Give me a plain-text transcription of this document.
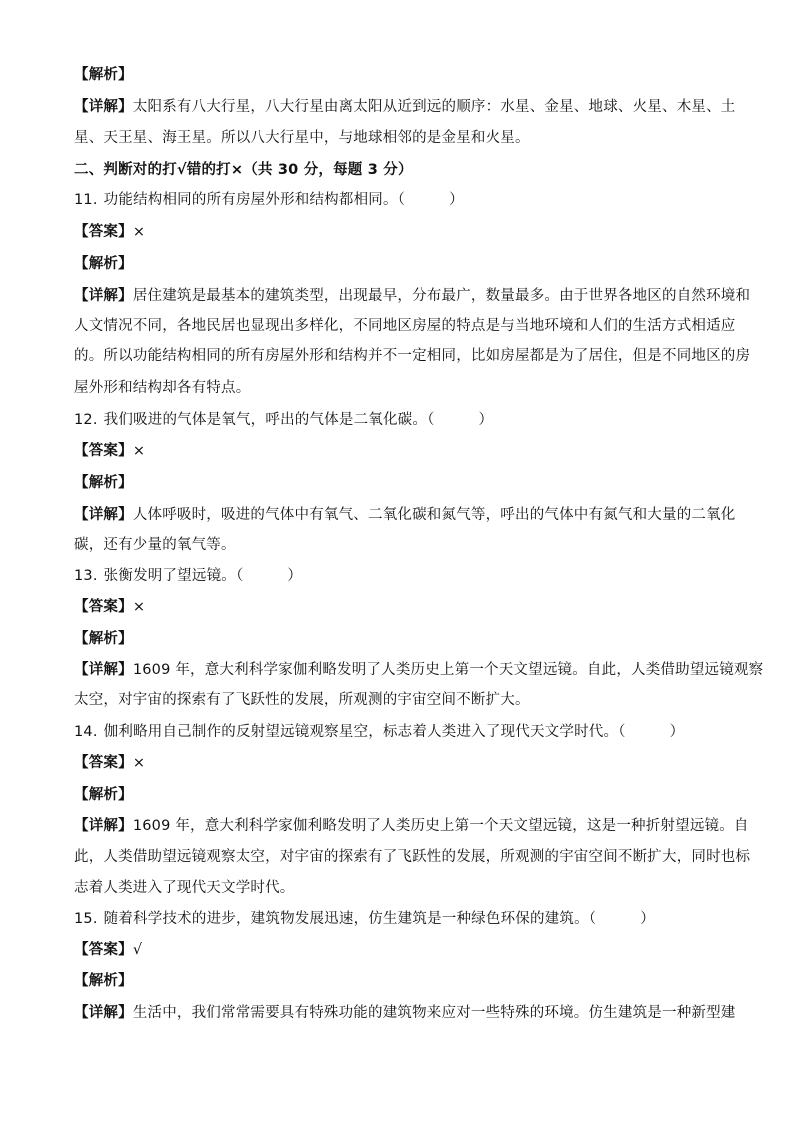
【解析】
【详解】太阳系有八大行星，八大行星由离太阳从近到远的顺序：水星、金星、地球、火星、木星、土
星、天王星、海王星。所以八大行星中，与地球相邻的是金星和火星。
二、判断对的打√错的打×（共 30 分，每题 3 分）
11. 功能结构相同的所有房屋外形和结构都相同。（	）
【答案】×
【解析】
【详解】居住建筑是最基本的建筑类型，出现最早，分布最广，数量最多。由于世界各地区的自然环境和
人文情况不同，各地民居也显现出多样化，不同地区房屋的特点是与当地环境和人们的生活方式相适应
的。所以功能结构相同的所有房屋外形和结构并不一定相同，比如房屋都是为了居住，但是不同地区的房
屋外形和结构却各有特点。
12. 我们吸进的气体是氧气，呼出的气体是二氧化碳。（	）
【答案】×
【解析】
【详解】人体呼吸时，吸进的气体中有氧气、二氧化碳和氮气等，呼出的气体中有氮气和大量的二氧化
碳，还有少量的氧气等。
13. 张衡发明了望远镜。（	）
【答案】×
【解析】
【详解】1609 年，意大利科学家伽利略发明了人类历史上第一个天文望远镜。自此，人类借助望远镜观察
太空，对宇宙的探索有了飞跃性的发展，所观测的宇宙空间不断扩大。
14. 伽利略用自己制作的反射望远镜观察星空，标志着人类进入了现代天文学时代。（	）
【答案】×
【解析】
【详解】1609 年，意大利科学家伽利略发明了人类历史上第一个天文望远镜，这是一种折射望远镜。自
此，人类借助望远镜观察太空，对宇宙的探索有了飞跃性的发展，所观测的宇宙空间不断扩大，同时也标
志着人类进入了现代天文学时代。
15. 随着科学技术的进步，建筑物发展迅速，仿生建筑是一种绿色环保的建筑。（	）
【答案】√
【解析】
【详解】生活中，我们常常需要具有特殊功能的建筑物来应对一些特殊的环境。仿生建筑是一种新型建
